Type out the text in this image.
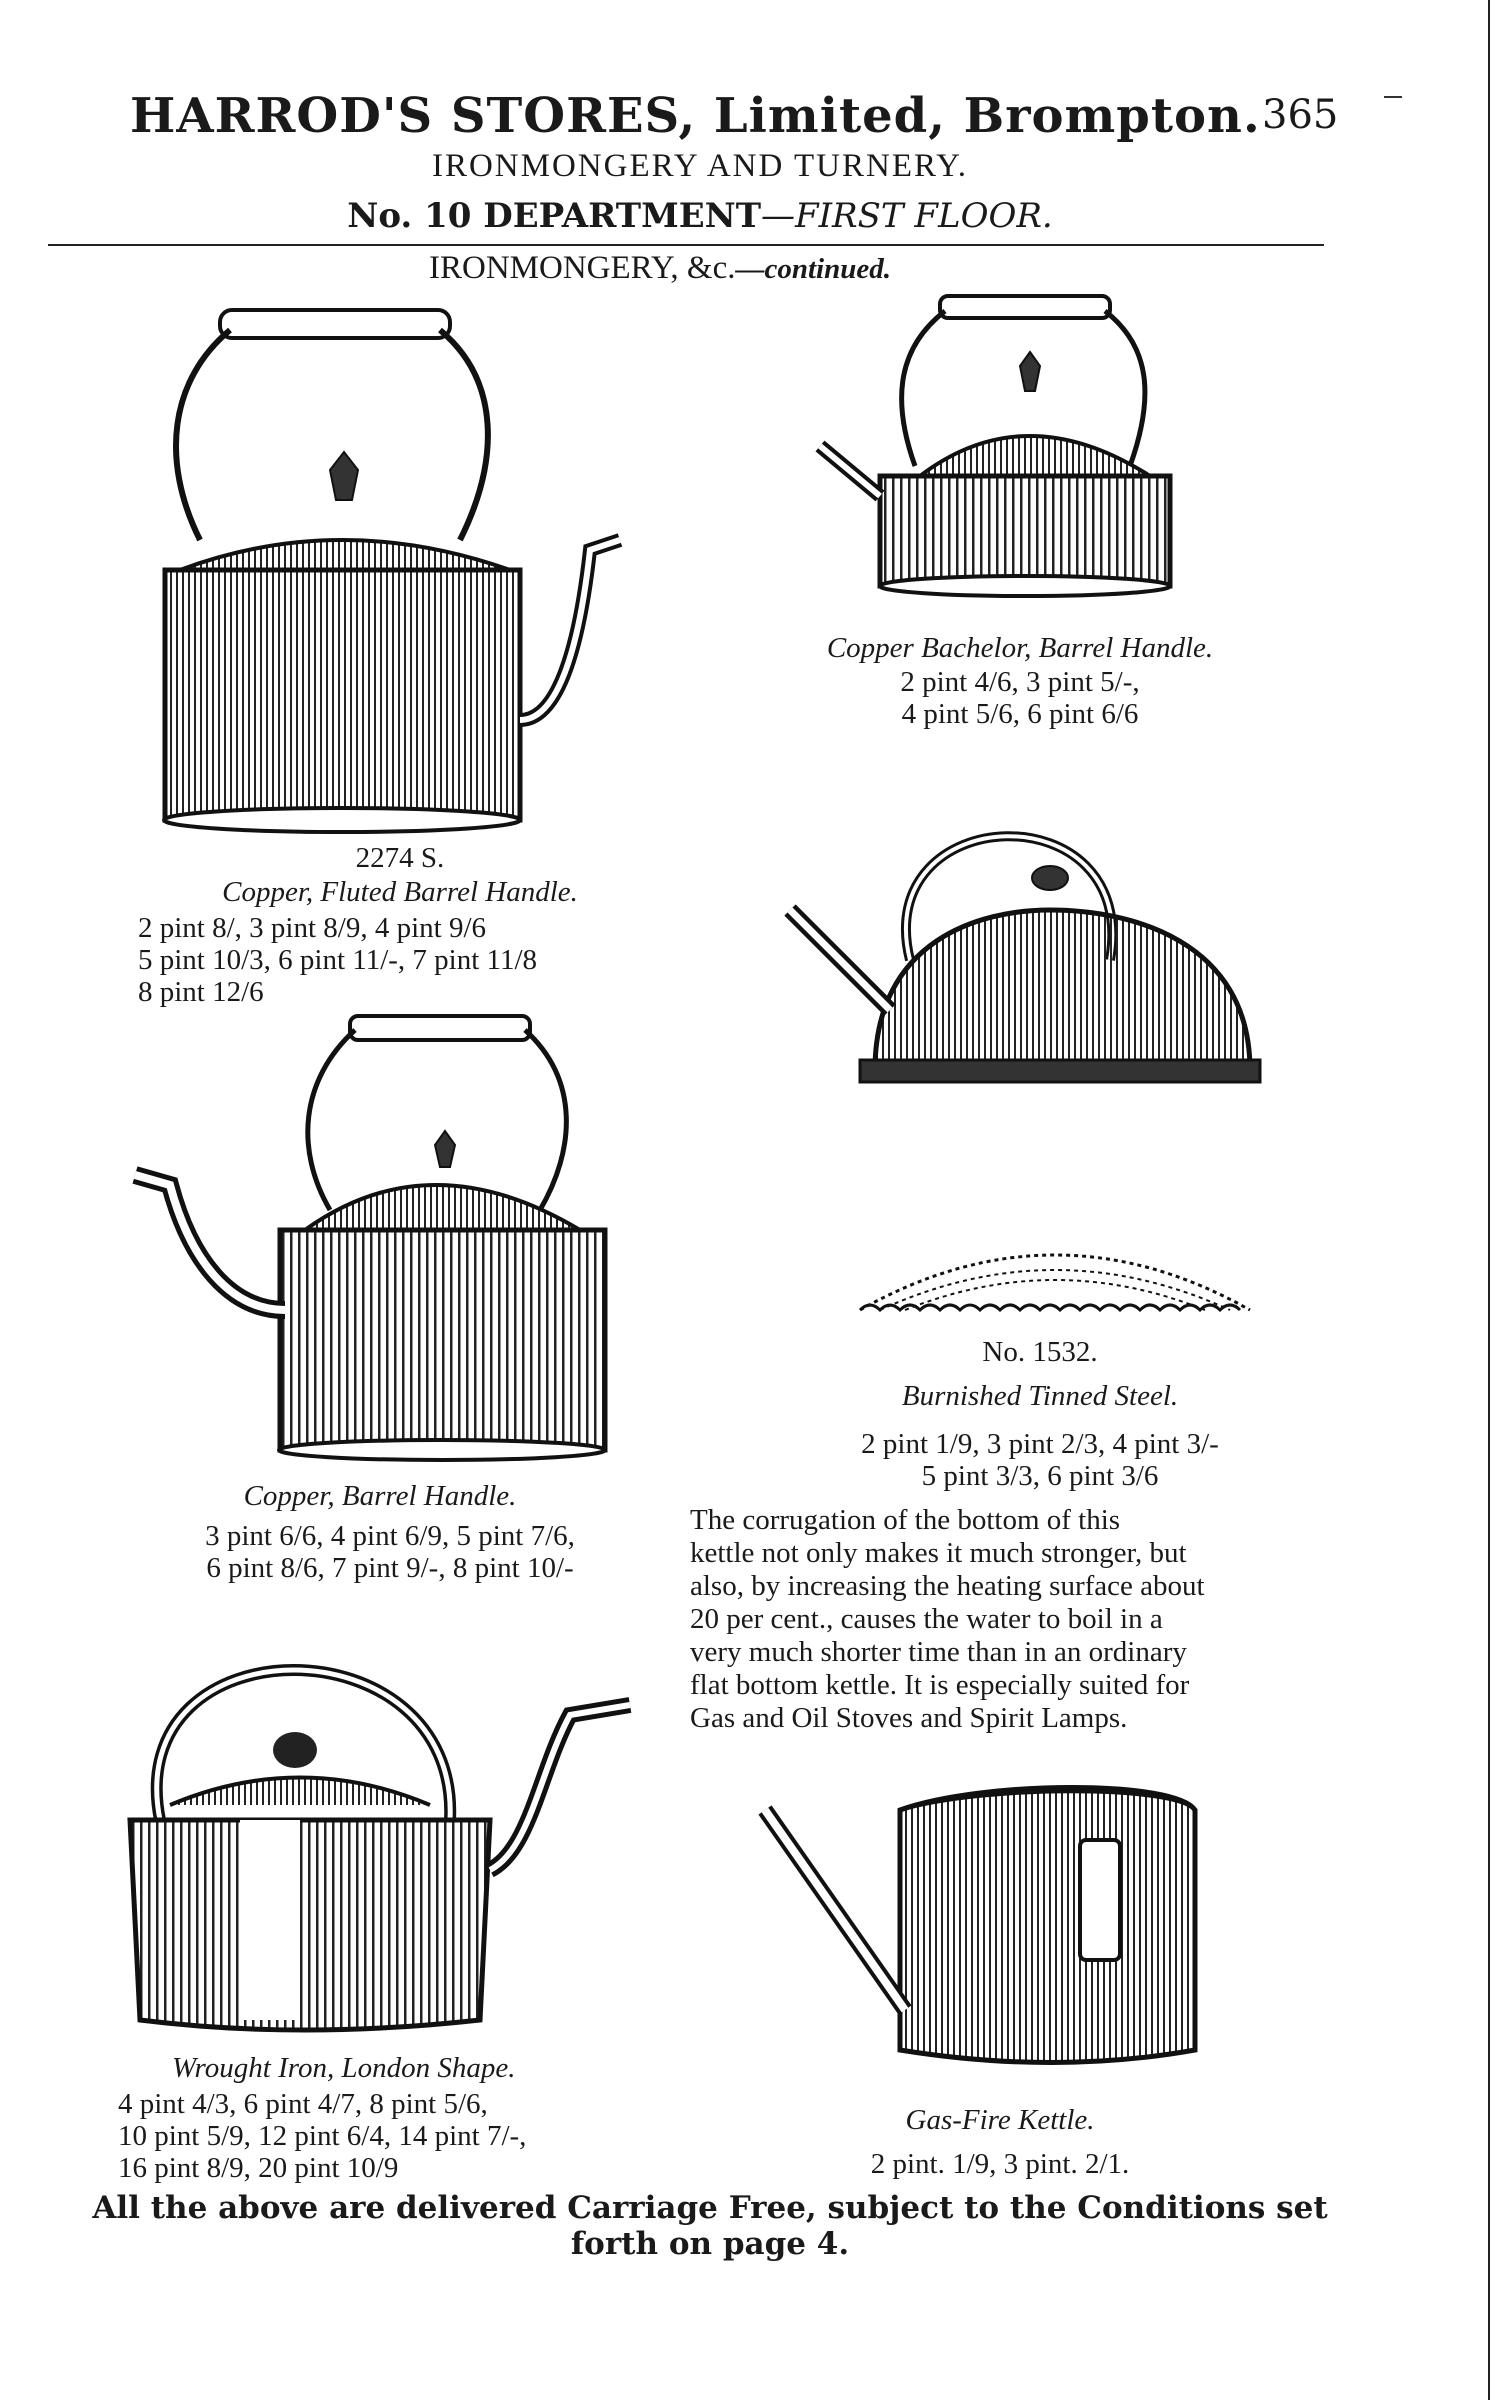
HARROD'S STORES, Limited, Brompton. 365
IRONMONGERY AND TURNERY.
No. 10 DEPARTMENT—FIRST FLOOR.
IRONMONGERY, &c.—continued.
2274 S.
Copper, Fluted Barrel Handle.
2 pint 8/, 3 pint 8/9, 4 pint 9/6
5 pint 10/3, 6 pint 11/-, 7 pint 11/8
8 pint 12/6
Copper Bachelor, Barrel Handle.
2 pint 4/6, 3 pint 5/-,
4 pint 5/6, 6 pint 6/6
No. 1532.
Burnished Tinned Steel.
2 pint 1/9, 3 pint 2/3, 4 pint 3/-
5 pint 3/3, 6 pint 3/6
The corrugation of the bottom of this
kettle not only makes it much stronger, but
also, by increasing the heating surface about
20 per cent., causes the water to boil in a
very much shorter time than in an ordinary
flat bottom kettle. It is especially suited for
Gas and Oil Stoves and Spirit Lamps.
Copper, Barrel Handle.
3 pint 6/6, 4 pint 6/9, 5 pint 7/6,
6 pint 8/6, 7 pint 9/-, 8 pint 10/-
Wrought Iron, London Shape.
4 pint 4/3, 6 pint 4/7, 8 pint 5/6,
10 pint 5/9, 12 pint 6/4, 14 pint 7/-,
16 pint 8/9, 20 pint 10/9
Gas-Fire Kettle.
2 pint. 1/9, 3 pint. 2/1.
All the above are delivered Carriage Free, subject to the Conditions set
forth on page 4.
